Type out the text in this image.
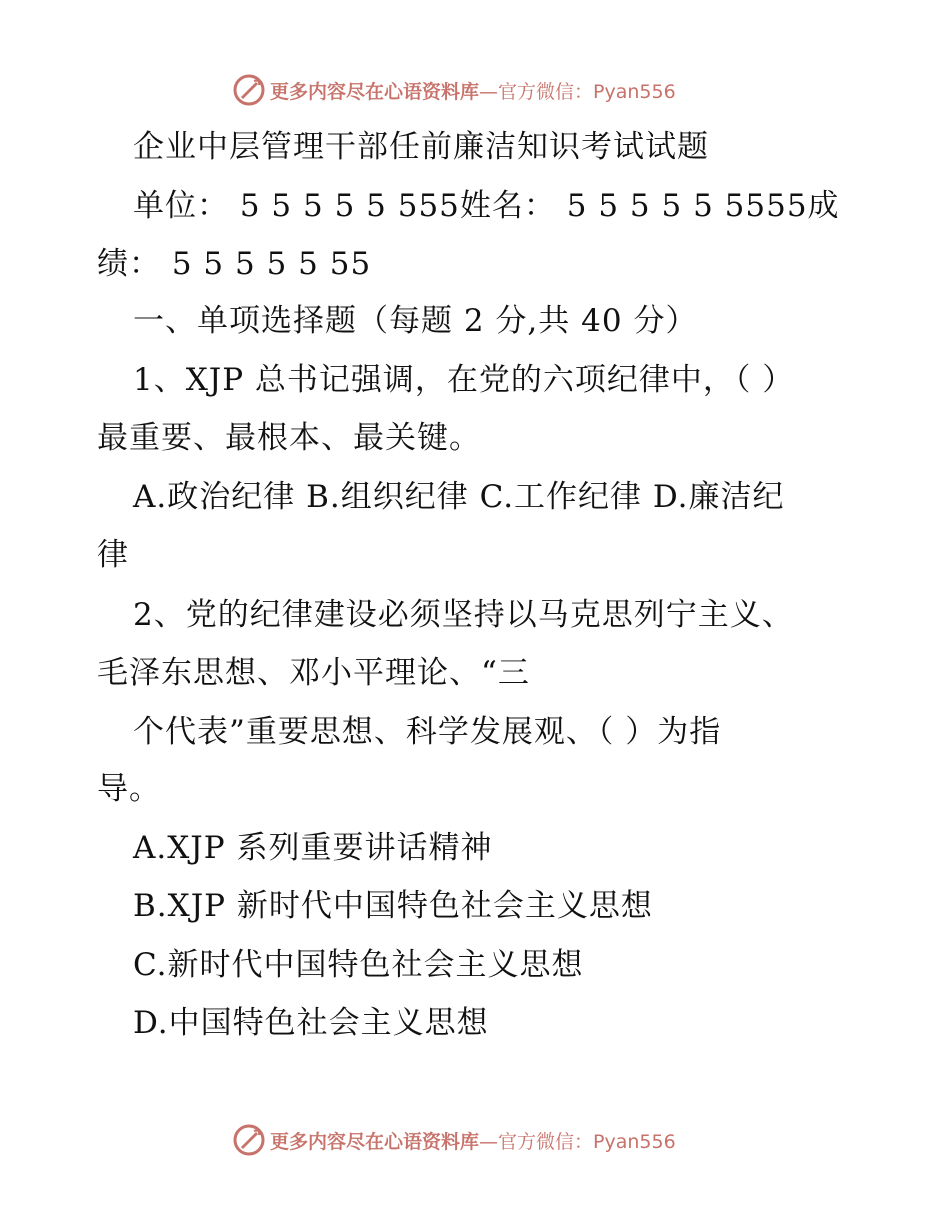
更多内容尽在心语资料库 —官方微信：Pyan556
企业中层管理干部任前廉洁知识考试试题
单位： 5 5 5 5 5 555姓名： 5 5 5 5 5 5555成
绩： 5 5 5 5 5 55
一、单项选择题（每题 2 分,共 40 分）
1、XJP 总书记强调，在党的六项纪律中，（ ）
最重要、最根本、最关键。
A.政治纪律 B.组织纪律 C.工作纪律 D.廉洁纪
律
2、党的纪律建设必须坚持以马克思列宁主义、
毛泽东思想、邓小平理论、“三
个代表”重要思想、科学发展观、（ ）为指
导。
A.XJP 系列重要讲话精神
B.XJP 新时代中国特色社会主义思想
C.新时代中国特色社会主义思想
D.中国特色社会主义思想
更多内容尽在心语资料库 —官方微信：Pyan556
